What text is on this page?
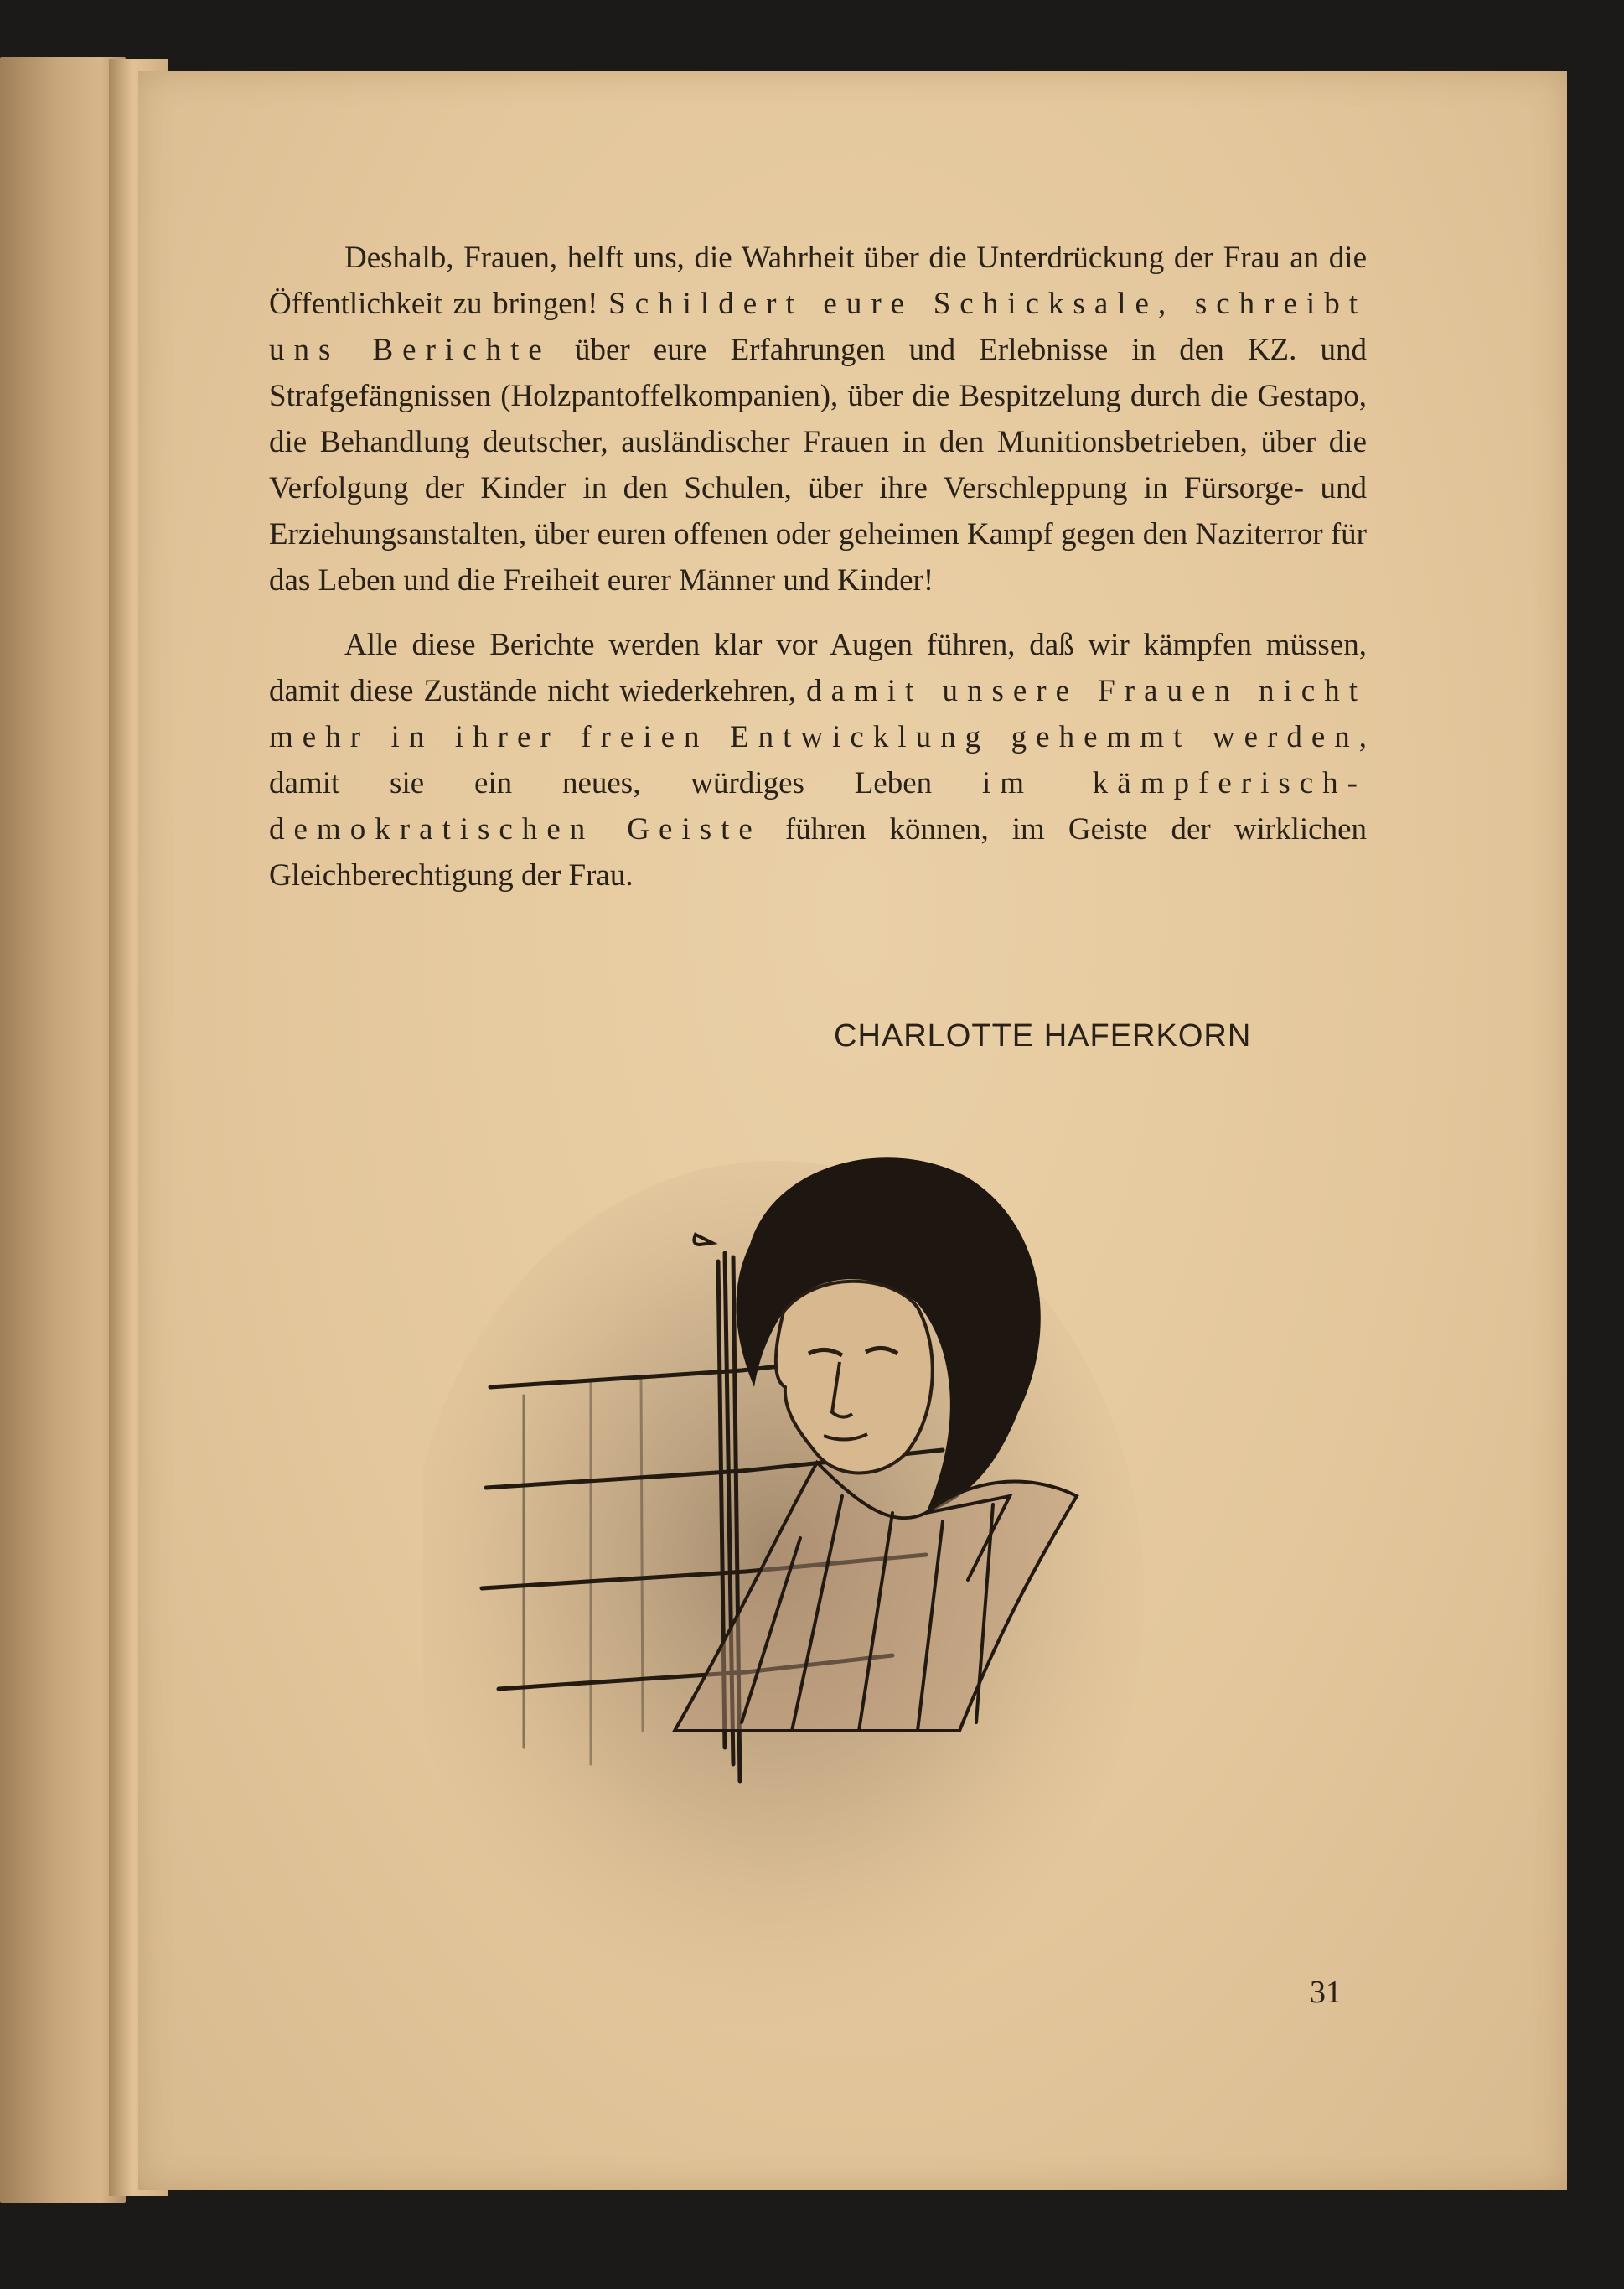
Deshalb, Frauen, helft uns, die Wahrheit über die Unterdrückung der Frau an die Öffentlichkeit zu bringen! Schildert eure Schicksale, schreibt uns Berichte über eure Erfahrungen und Erlebnisse in den KZ. und Strafgefängnissen (Holzpantoffelkompanien), über die Bespitzelung durch die Gestapo, die Behandlung deutscher, ausländischer Frauen in den Munitionsbetrieben, über die Verfolgung der Kinder in den Schulen, über ihre Verschleppung in Fürsorge- und Erziehungsanstalten, über euren offenen oder geheimen Kampf gegen den Naziterror für das Leben und die Freiheit eurer Männer und Kinder!

Alle diese Berichte werden klar vor Augen führen, daß wir kämpfen müssen, damit diese Zustände nicht wiederkehren, damit unsere Frauen nicht mehr in ihrer freien Entwicklung gehemmt werden, damit sie ein neues, würdiges Leben im kämpferisch-demokratischen Geiste führen können, im Geiste der wirklichen Gleichberechtigung der Frau.

CHARLOTTE HAFERKORN
31
